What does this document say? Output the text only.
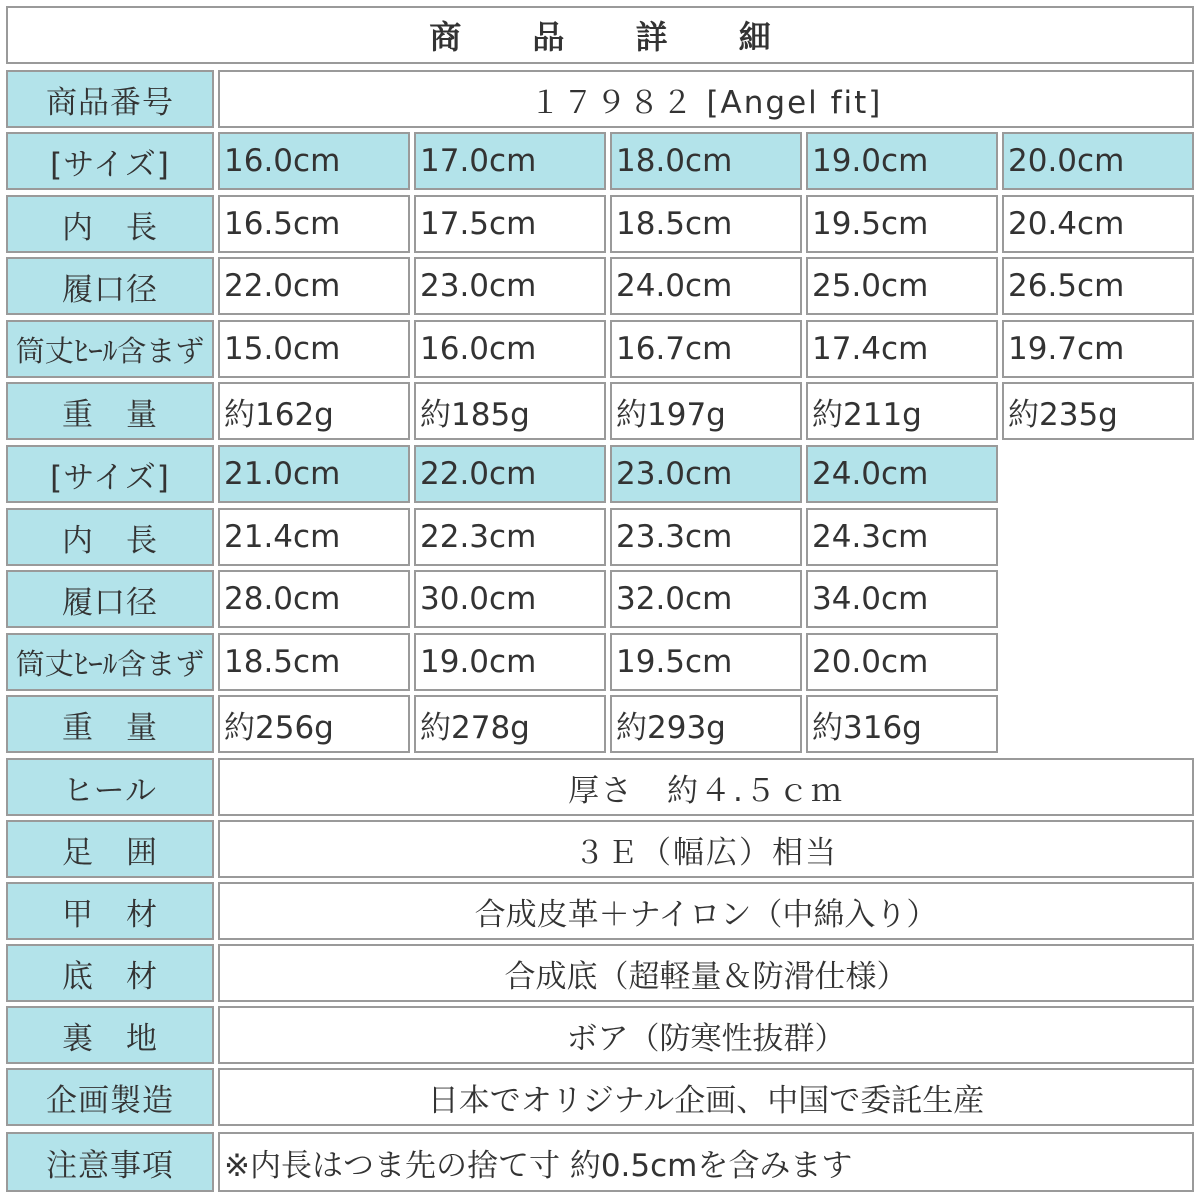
商 品 詳 細
商品番号	１７９８２ [Angel fit]
[サイズ]	16.0cm	17.0cm	18.0cm	19.0cm	20.0cm
内　長	16.5cm	17.5cm	18.5cm	19.5cm	20.4cm
履口径	22.0cm	23.0cm	24.0cm	25.0cm	26.5cm
筒丈ﾋｰﾙ含まず 15.0cm	16.0cm	16.7cm	17.4cm	19.7cm
重　量	約162g	約185g	約197g	約211g	約235g
[サイズ]	21.0cm	22.0cm	23.0cm	24.0cm
内　長	21.4cm	22.3cm	23.3cm	24.3cm
履口径	28.0cm	30.0cm	32.0cm	34.0cm
筒丈ﾋｰﾙ含まず 18.5cm	19.0cm	19.5cm	20.0cm
重　量	約256g	約278g	約293g	約316g
ヒール	厚さ　約４.５ｃｍ
足　囲	３Ｅ（幅広）相当
甲　材	合成皮革＋ナイロン（中綿入り）
底　材	合成底（超軽量＆防滑仕様）
裏　地	ボア（防寒性抜群）
企画製造	日本でオリジナル企画、中国で委託生産
注意事項	※内長はつま先の捨て寸 約0.5cmを含みます
